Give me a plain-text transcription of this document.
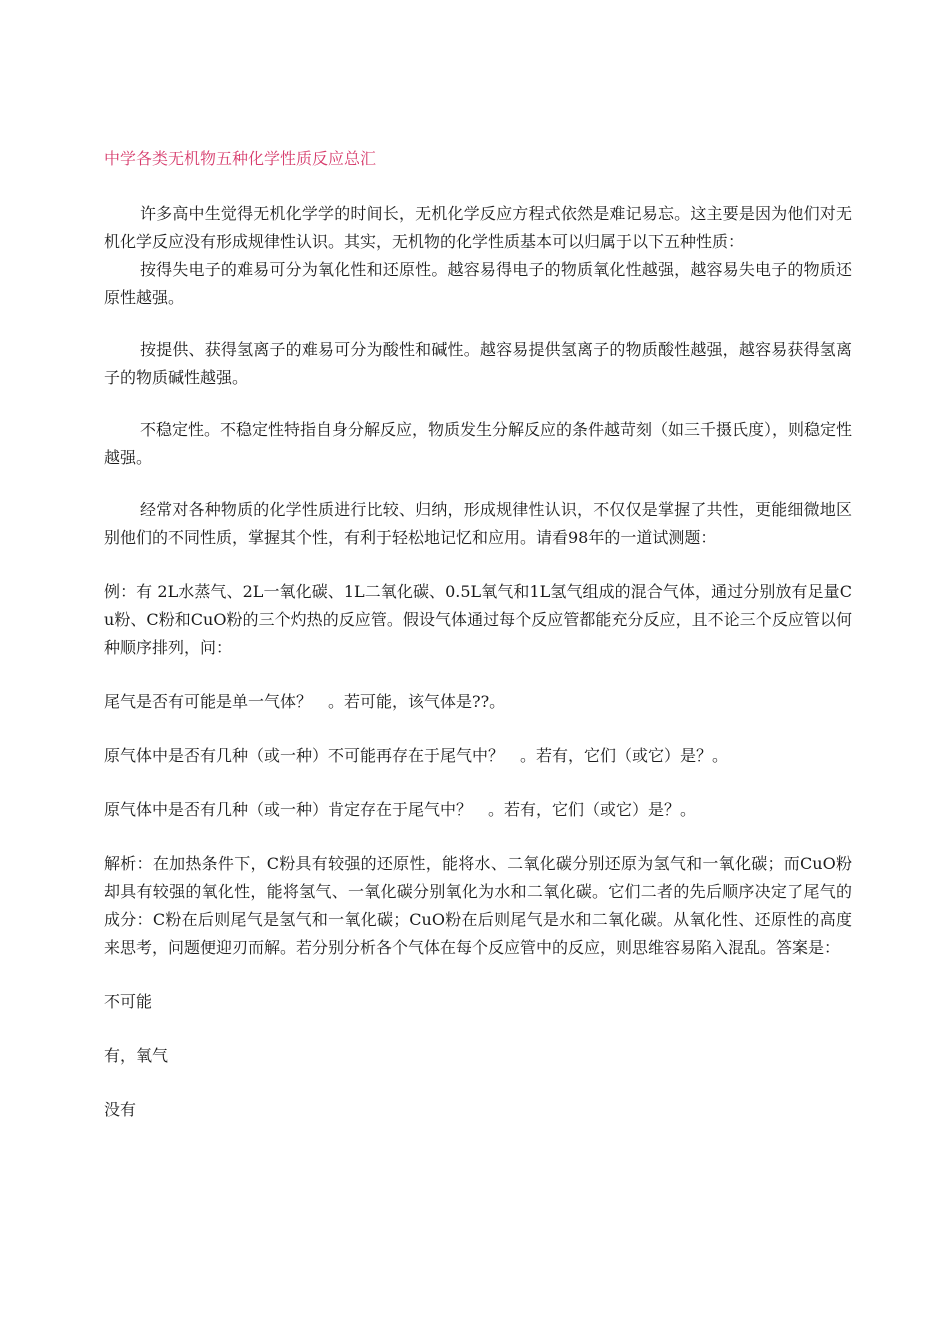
中学各类无机物五种化学性质反应总汇

许多高中生觉得无机化学学的时间长，无机化学反应方程式依然是难记易忘。这主要是因为他们对无机化学反应没有形成规律性认识。其实，无机物的化学性质基本可以归属于以下五种性质：

按得失电子的难易可分为氧化性和还原性。越容易得电子的物质氧化性越强，越容易失电子的物质还原性越强。

按提供、获得氢离子的难易可分为酸性和碱性。越容易提供氢离子的物质酸性越强，越容易获得氢离子的物质碱性越强。

不稳定性。不稳定性特指自身分解反应，物质发生分解反应的条件越苛刻（如三千摄氏度），则稳定性越强。

经常对各种物质的化学性质进行比较、归纳，形成规律性认识，不仅仅是掌握了共性，更能细微地区别他们的不同性质，掌握其个性，有利于轻松地记忆和应用。请看98年的一道试测题：

例：有 2L水蒸气、2L一氧化碳、1L二氧化碳、0.5L氧气和1L氢气组成的混合气体，通过分别放有足量Cu粉、C粉和CuO粉的三个灼热的反应管。假设气体通过每个反应管都能充分反应，且不论三个反应管以何种顺序排列，问：

尾气是否有可能是单一气体？　。若可能，该气体是??。

原气体中是否有几种（或一种）不可能再存在于尾气中？　。若有，它们（或它）是？。

原气体中是否有几种（或一种）肯定存在于尾气中？　。若有，它们（或它）是？。

解析：在加热条件下，C粉具有较强的还原性，能将水、二氧化碳分别还原为氢气和一氧化碳；而CuO粉却具有较强的氧化性，能将氢气、一氧化碳分别氧化为水和二氧化碳。它们二者的先后顺序决定了尾气的成分：C粉在后则尾气是氢气和一氧化碳；CuO粉在后则尾气是水和二氧化碳。从氧化性、还原性的高度来思考，问题便迎刃而解。若分别分析各个气体在每个反应管中的反应，则思维容易陷入混乱。答案是：

不可能

有，氧气

没有
